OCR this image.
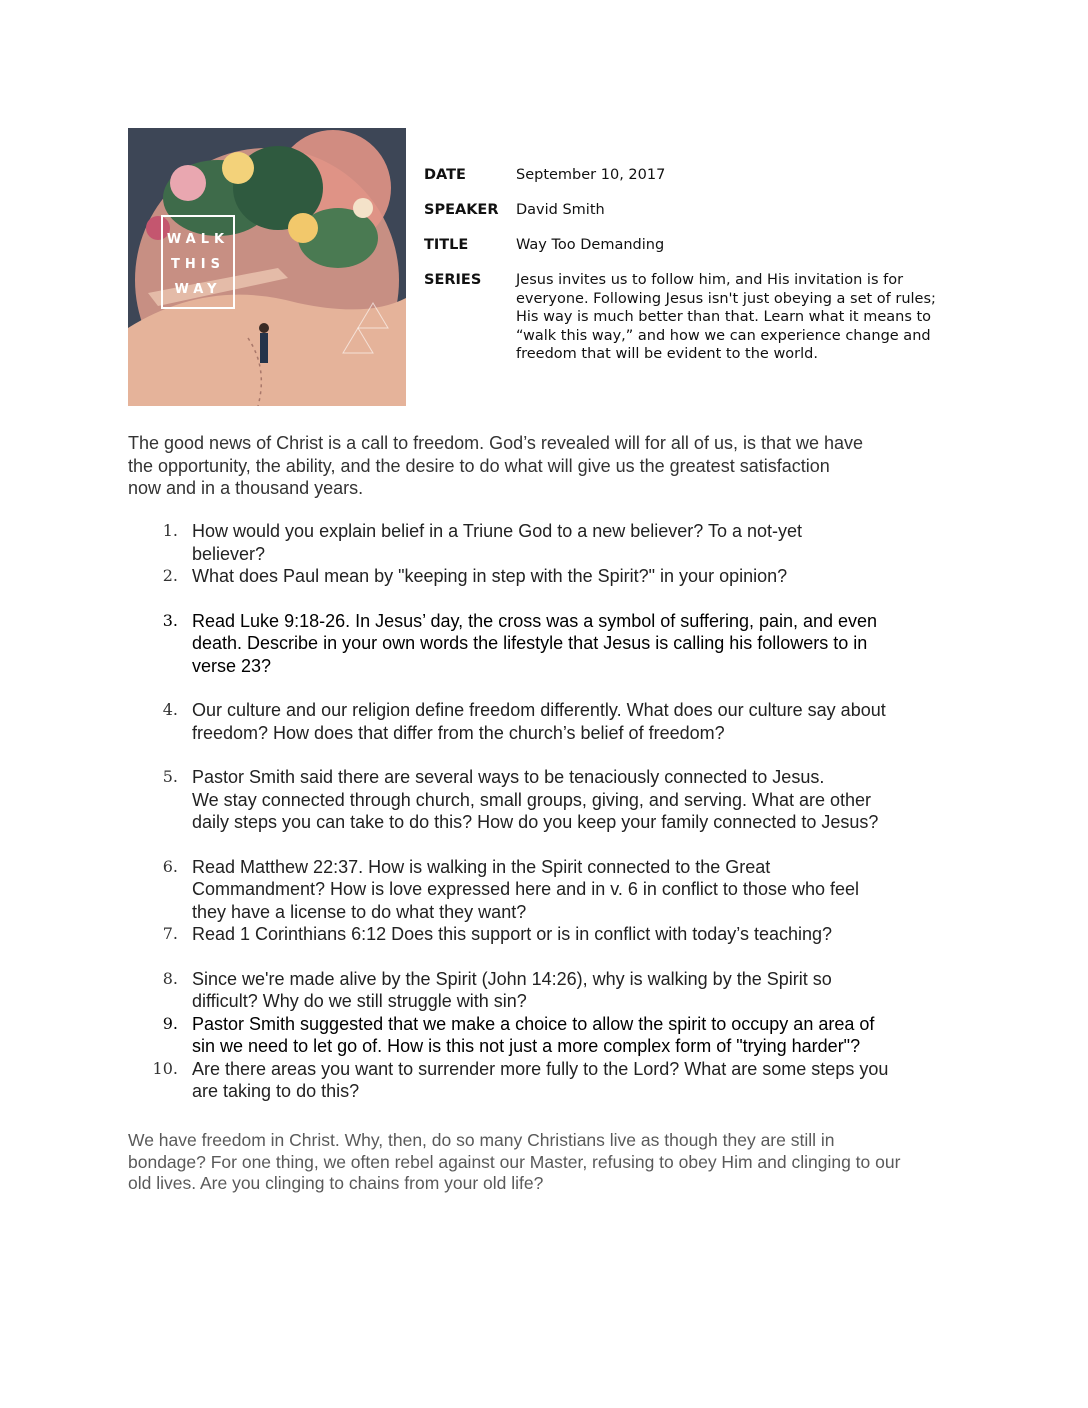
WALK
THIS
WAY
DATE	September 10, 2017
SPEAKER	David Smith
TITLE	Way Too Demanding
SERIES	Jesus invites us to follow him, and His invitation is for
everyone. Following Jesus isn't just obeying a set of rules;
His way is much better than that. Learn what it means to
“walk this way,” and how we can experience change and
freedom that will be evident to the world.
The good news of Christ is a call to freedom. God’s revealed will for all of us, is that we have
the opportunity, the ability, and the desire to do what will give us the greatest satisfaction
now and in a thousand years.
1. How would you explain belief in a Triune God to a new believer? To a not-yet
believer?
2. What does Paul mean by "keeping in step with the Spirit?" in your opinion?
3. Read Luke 9:18-26. In Jesus’ day, the cross was a symbol of suffering, pain, and even
death. Describe in your own words the lifestyle that Jesus is calling his followers to in
verse 23?
4. Our culture and our religion define freedom differently. What does our culture say about
freedom? How does that differ from the church’s belief of freedom?
5. Pastor Smith said there are several ways to be tenaciously connected to Jesus.
We stay connected through church, small groups, giving, and serving. What are other
daily steps you can take to do this? How do you keep your family connected to Jesus?
6. Read Matthew 22:37. How is walking in the Spirit connected to the Great
Commandment? How is love expressed here and in v. 6 in conflict to those who feel
they have a license to do what they want?
7. Read 1 Corinthians 6:12 Does this support or is in conflict with today’s teaching?
8. Since we're made alive by the Spirit (John 14:26), why is walking by the Spirit so
difficult? Why do we still struggle with sin?
9. Pastor Smith suggested that we make a choice to allow the spirit to occupy an area of
sin we need to let go of. How is this not just a more complex form of "trying harder"?
10. Are there areas you want to surrender more fully to the Lord? What are some steps you
are taking to do this?
We have freedom in Christ. Why, then, do so many Christians live as though they are still in
bondage? For one thing, we often rebel against our Master, refusing to obey Him and clinging to our
old lives. Are you clinging to chains from your old life?
